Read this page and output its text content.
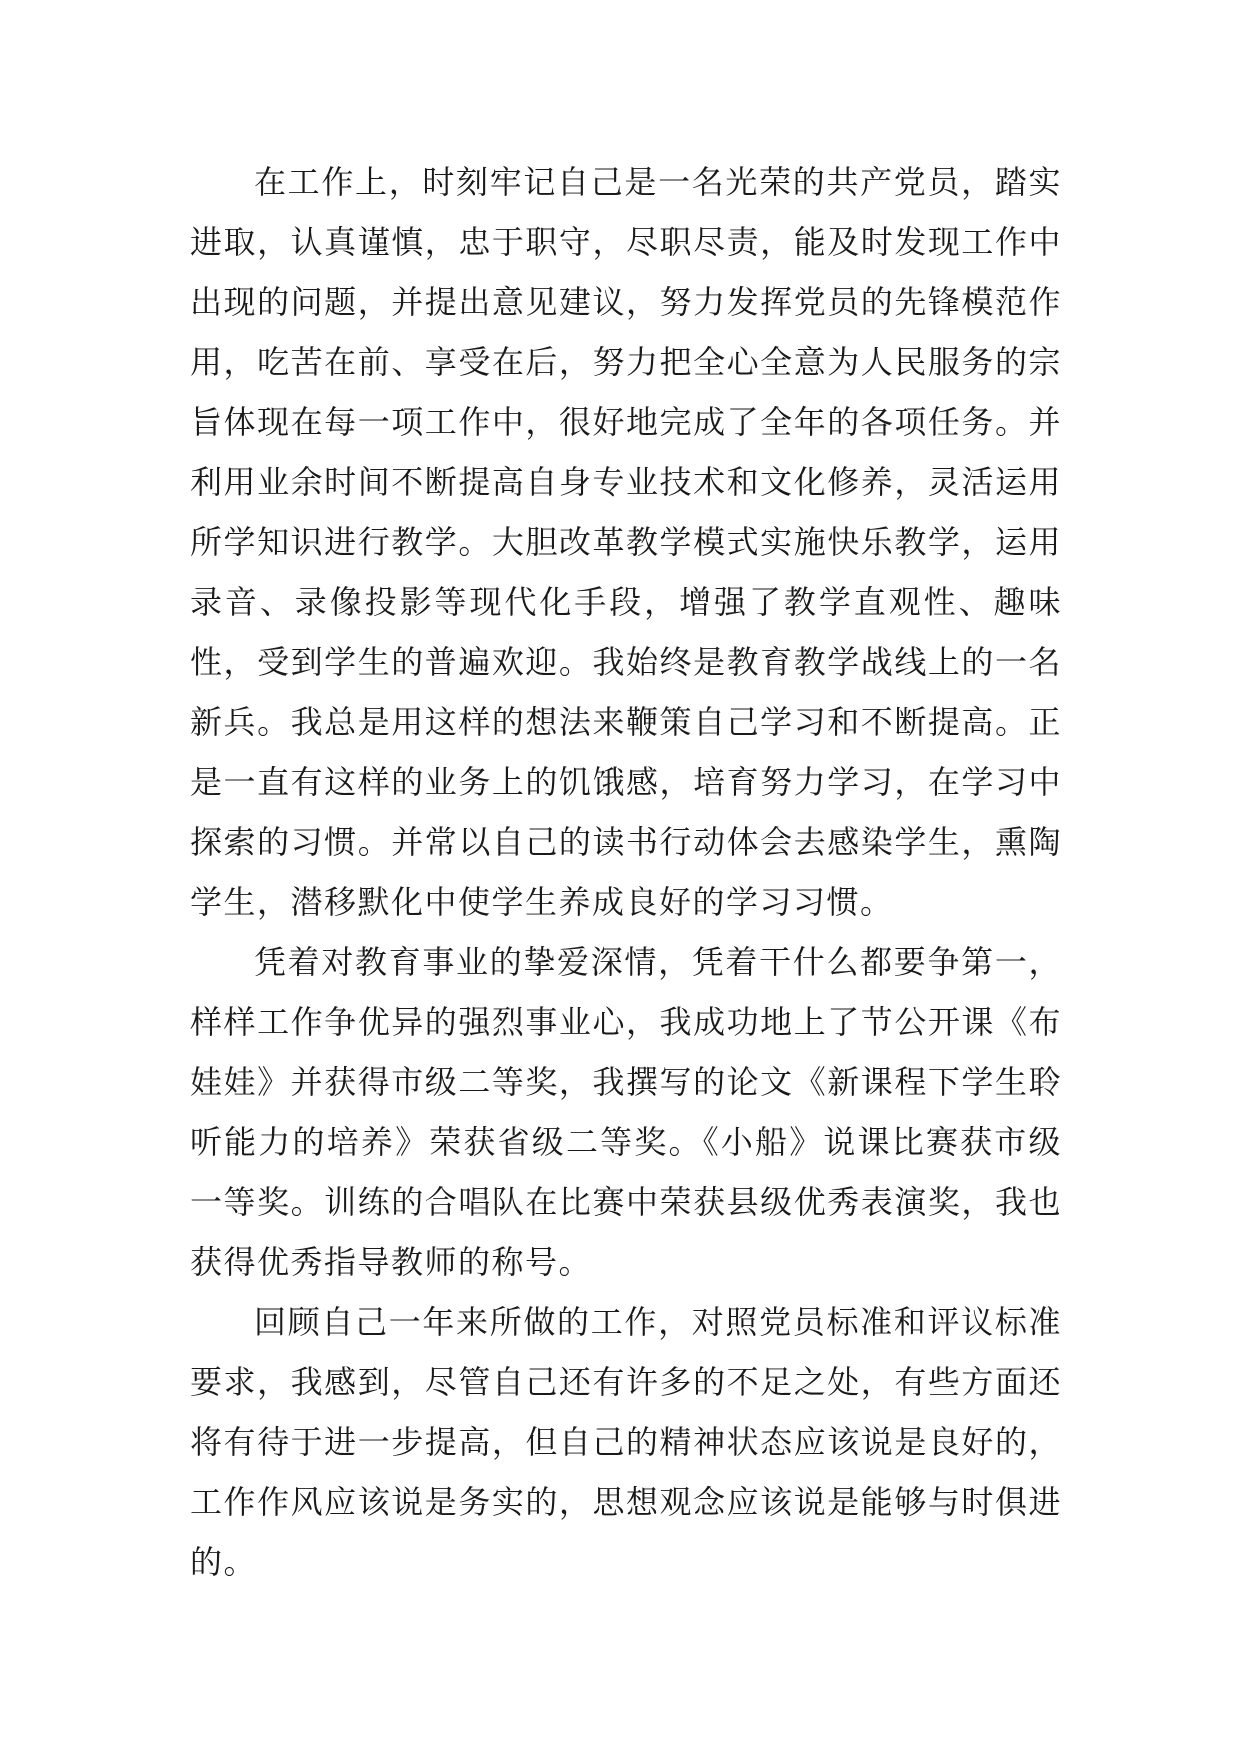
在工作上，时刻牢记自己是一名光荣的共产党员，踏实进取，认真谨慎，忠于职守，尽职尽责，能及时发现工作中出现的问题，并提出意见建议，努力发挥党员的先锋模范作用，吃苦在前、享受在后，努力把全心全意为人民服务的宗旨体现在每一项工作中，很好地完成了全年的各项任务。并利用业余时间不断提高自身专业技术和文化修养，灵活运用所学知识进行教学。大胆改革教学模式实施快乐教学，运用录音、录像投影等现代化手段，增强了教学直观性、趣味性，受到学生的普遍欢迎。我始终是教育教学战线上的一名新兵。我总是用这样的想法来鞭策自己学习和不断提高。正是一直有这样的业务上的饥饿感，培育努力学习，在学习中探索的习惯。并常以自己的读书行动体会去感染学生，熏陶学生，潜移默化中使学生养成良好的学习习惯。

凭着对教育事业的挚爱深情，凭着干什么都要争第一，样样工作争优异的强烈事业心，我成功地上了节公开课《布娃娃》并获得市级二等奖，我撰写的论文《新课程下学生聆听能力的培养》荣获省级二等奖。《小船》说课比赛获市级一等奖。训练的合唱队在比赛中荣获县级优秀表演奖，我也获得优秀指导教师的称号。

回顾自己一年来所做的工作，对照党员标准和评议标准要求，我感到，尽管自己还有许多的不足之处，有些方面还将有待于进一步提高，但自己的精神状态应该说是良好的，工作作风应该说是务实的，思想观念应该说是能够与时俱进的。
